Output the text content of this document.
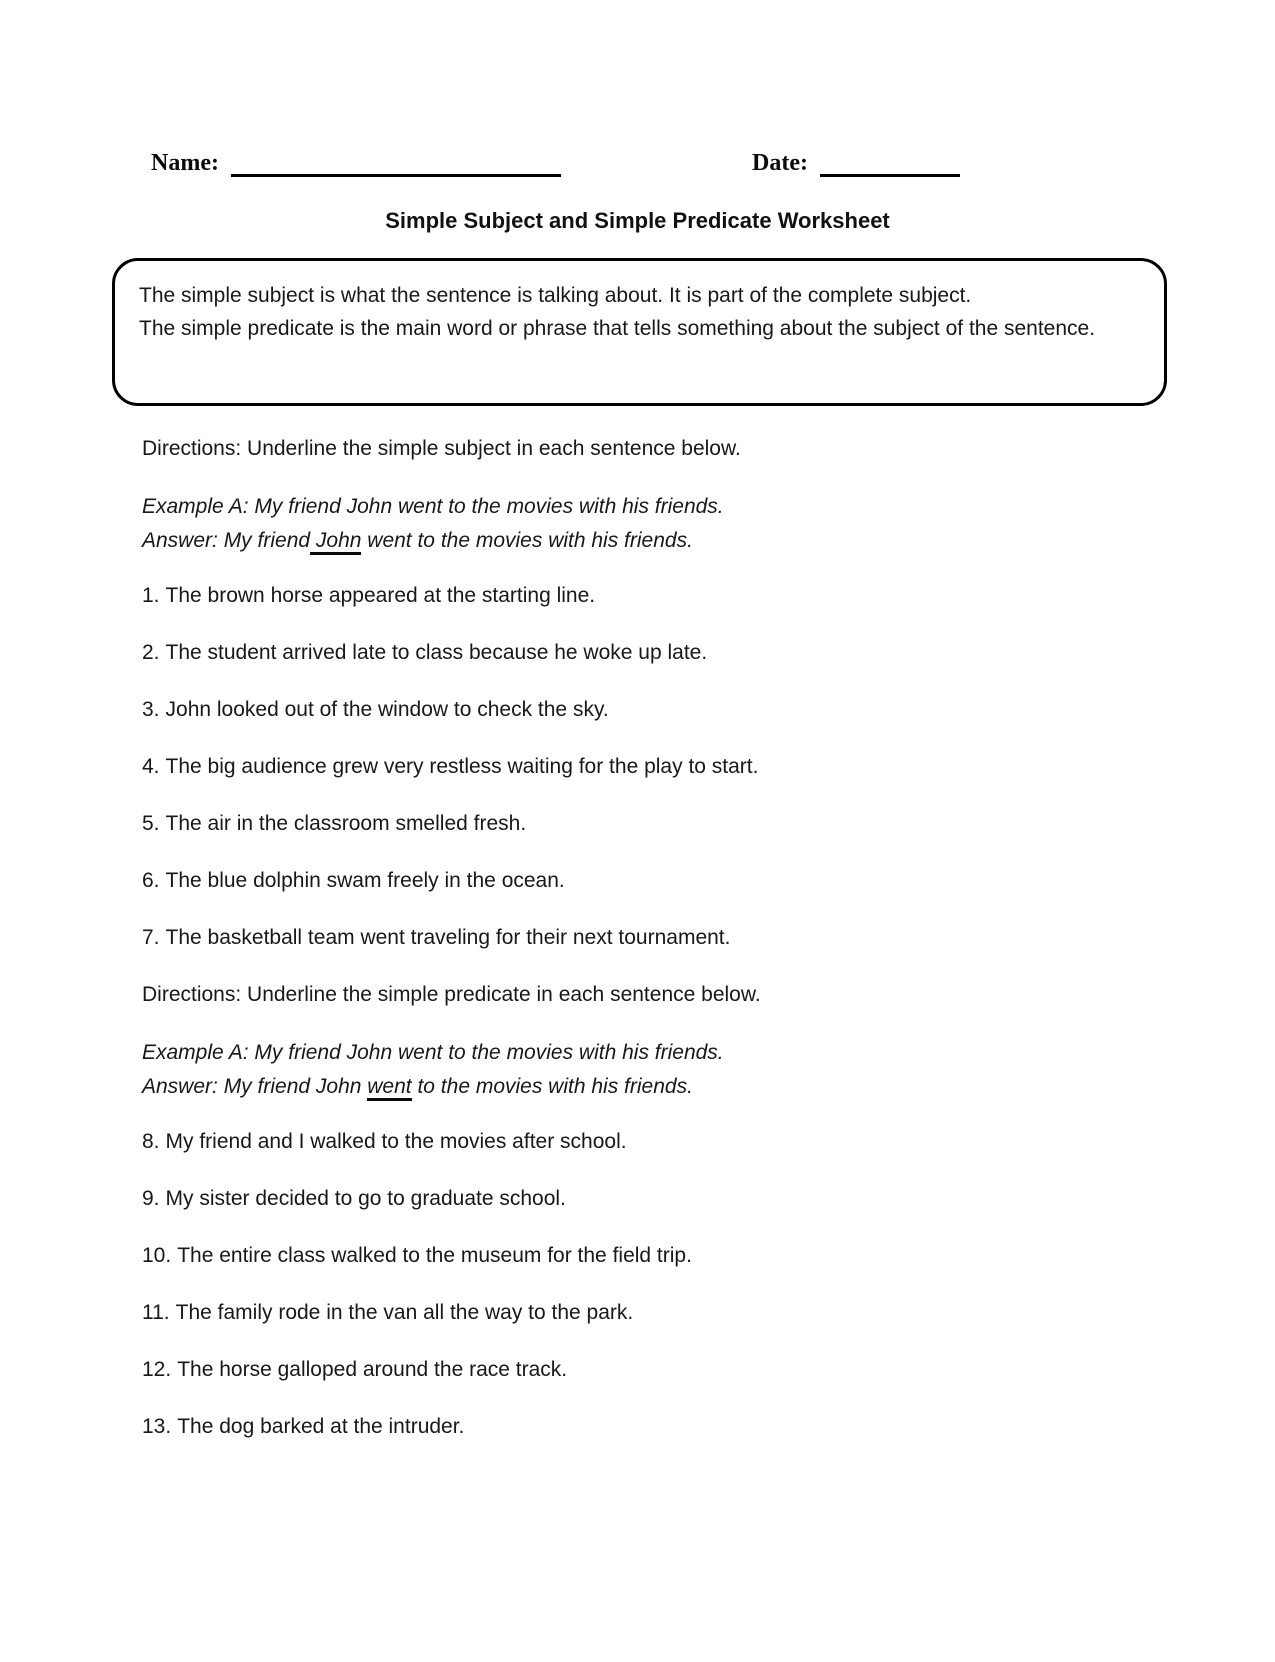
Name:	Date:
Simple Subject and Simple Predicate Worksheet

The simple subject is what the sentence is talking about. It is part of the complete subject.

The simple predicate is the main word or phrase that tells something about the subject of the sentence.

Directions: Underline the simple subject in each sentence below.

Example A: My friend John went to the movies with his friends.

Answer: My friend John went to the movies with his friends.

1. The brown horse appeared at the starting line.

2. The student arrived late to class because he woke up late.

3. John looked out of the window to check the sky.

4. The big audience grew very restless waiting for the play to start.

5. The air in the classroom smelled fresh.

6. The blue dolphin swam freely in the ocean.

7. The basketball team went traveling for their next tournament.

Directions: Underline the simple predicate in each sentence below.

Example A: My friend John went to the movies with his friends.

Answer: My friend John went to the movies with his friends.

8. My friend and I walked to the movies after school.

9. My sister decided to go to graduate school.

10. The entire class walked to the museum for the field trip.

11. The family rode in the van all the way to the park.

12. The horse galloped around the race track.

13. The dog barked at the intruder.
